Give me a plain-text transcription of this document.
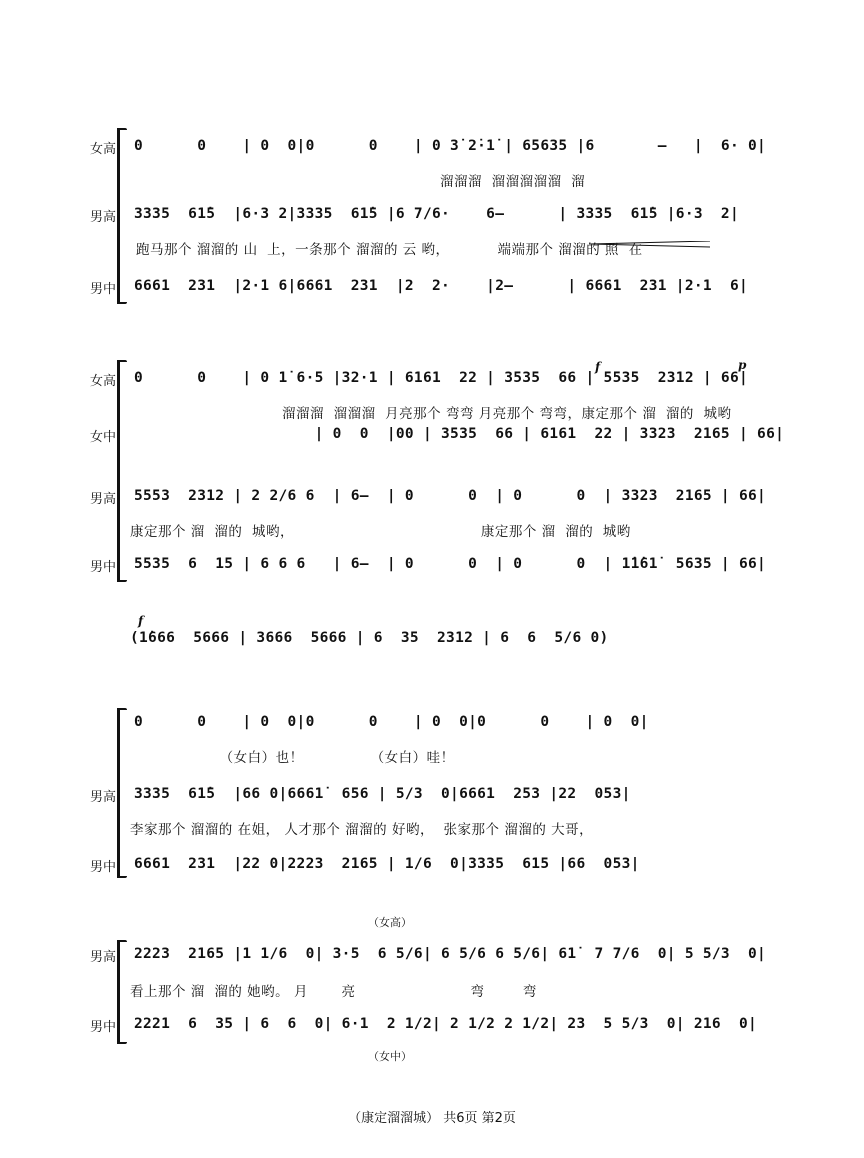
女高 0      0    | 0  0|0      0    | 0 3̇ 2̇·1̇ | 65635 |6       –   |  6· 0|
溜溜溜  溜溜溜溜溜  溜
男高 3335  61̇5  |6·3 2|3335  61̇5 |6 7/6·    6–      | 3335  61̇5 |6·3  2|
跑马那个 溜溜的 山  上，一条那个 溜溜的 云 哟，          端端那个 溜溜的 照  在
男中 6661  231  |2·1 6|6661  231  |2  2·    |2–      | 6661  231 |2·1  6|
女高 0      0    | 0 1̇ 6·5 |32·1 | 6161  22 | 3535  66 | 5535  2312 | 66|
溜溜溜  溜溜溜  月亮那个 弯弯 月亮那个 弯弯，康定那个 溜  溜的  城哟
f	p
女中 | 0  0  |00 | 3535  66 | 6161  22 | 3323  2165 | 66|
男高 5553  2312 | 2 2/6 6  | 6–  | 0      0  | 0      0  | 3323  2165 | 66|
康定那个 溜  溜的  城哟，                                       康定那个 溜  溜的  城哟
男中 5535  6  15 | 6 6 6   | 6–  | 0      0  | 0      0  | 1̇1̇61̇  5635 | 66|
f
(1̇666  5666 | 3666  5666 | 6  35  2312 | 6  6  5/6 0)
0      0    | 0  0|0      0    | 0  0|0      0    | 0  0|
（女白）也！              （女白）哇！
男高 3335  61̇5  |66 0|6661̇  656 | 5/3  0|6661  253 |22  053|
李家那个 溜溜的 在姐， 人才那个 溜溜的 好哟，  张家那个 溜溜的 大哥，
男中 6661  231  |22 0|2223  2165 | 1/6  0|3335  615 |66  053|
（女高）
男高 2223  2165 |1 1/6  0| 3·5  6 5/6| 6 5/6 6 5/6| 61̇  7 7/6  0| 5 5/3  0|
看上那个 溜  溜的 她哟。 月       亮                        弯        弯
男中 2221  6  35 | 6  6  0| 6·1  2 1/2| 2 1/2 2 1/2| 23  5 5/3  0| 216  0|
（女中）
（康定溜溜城） 共6页 第2页
